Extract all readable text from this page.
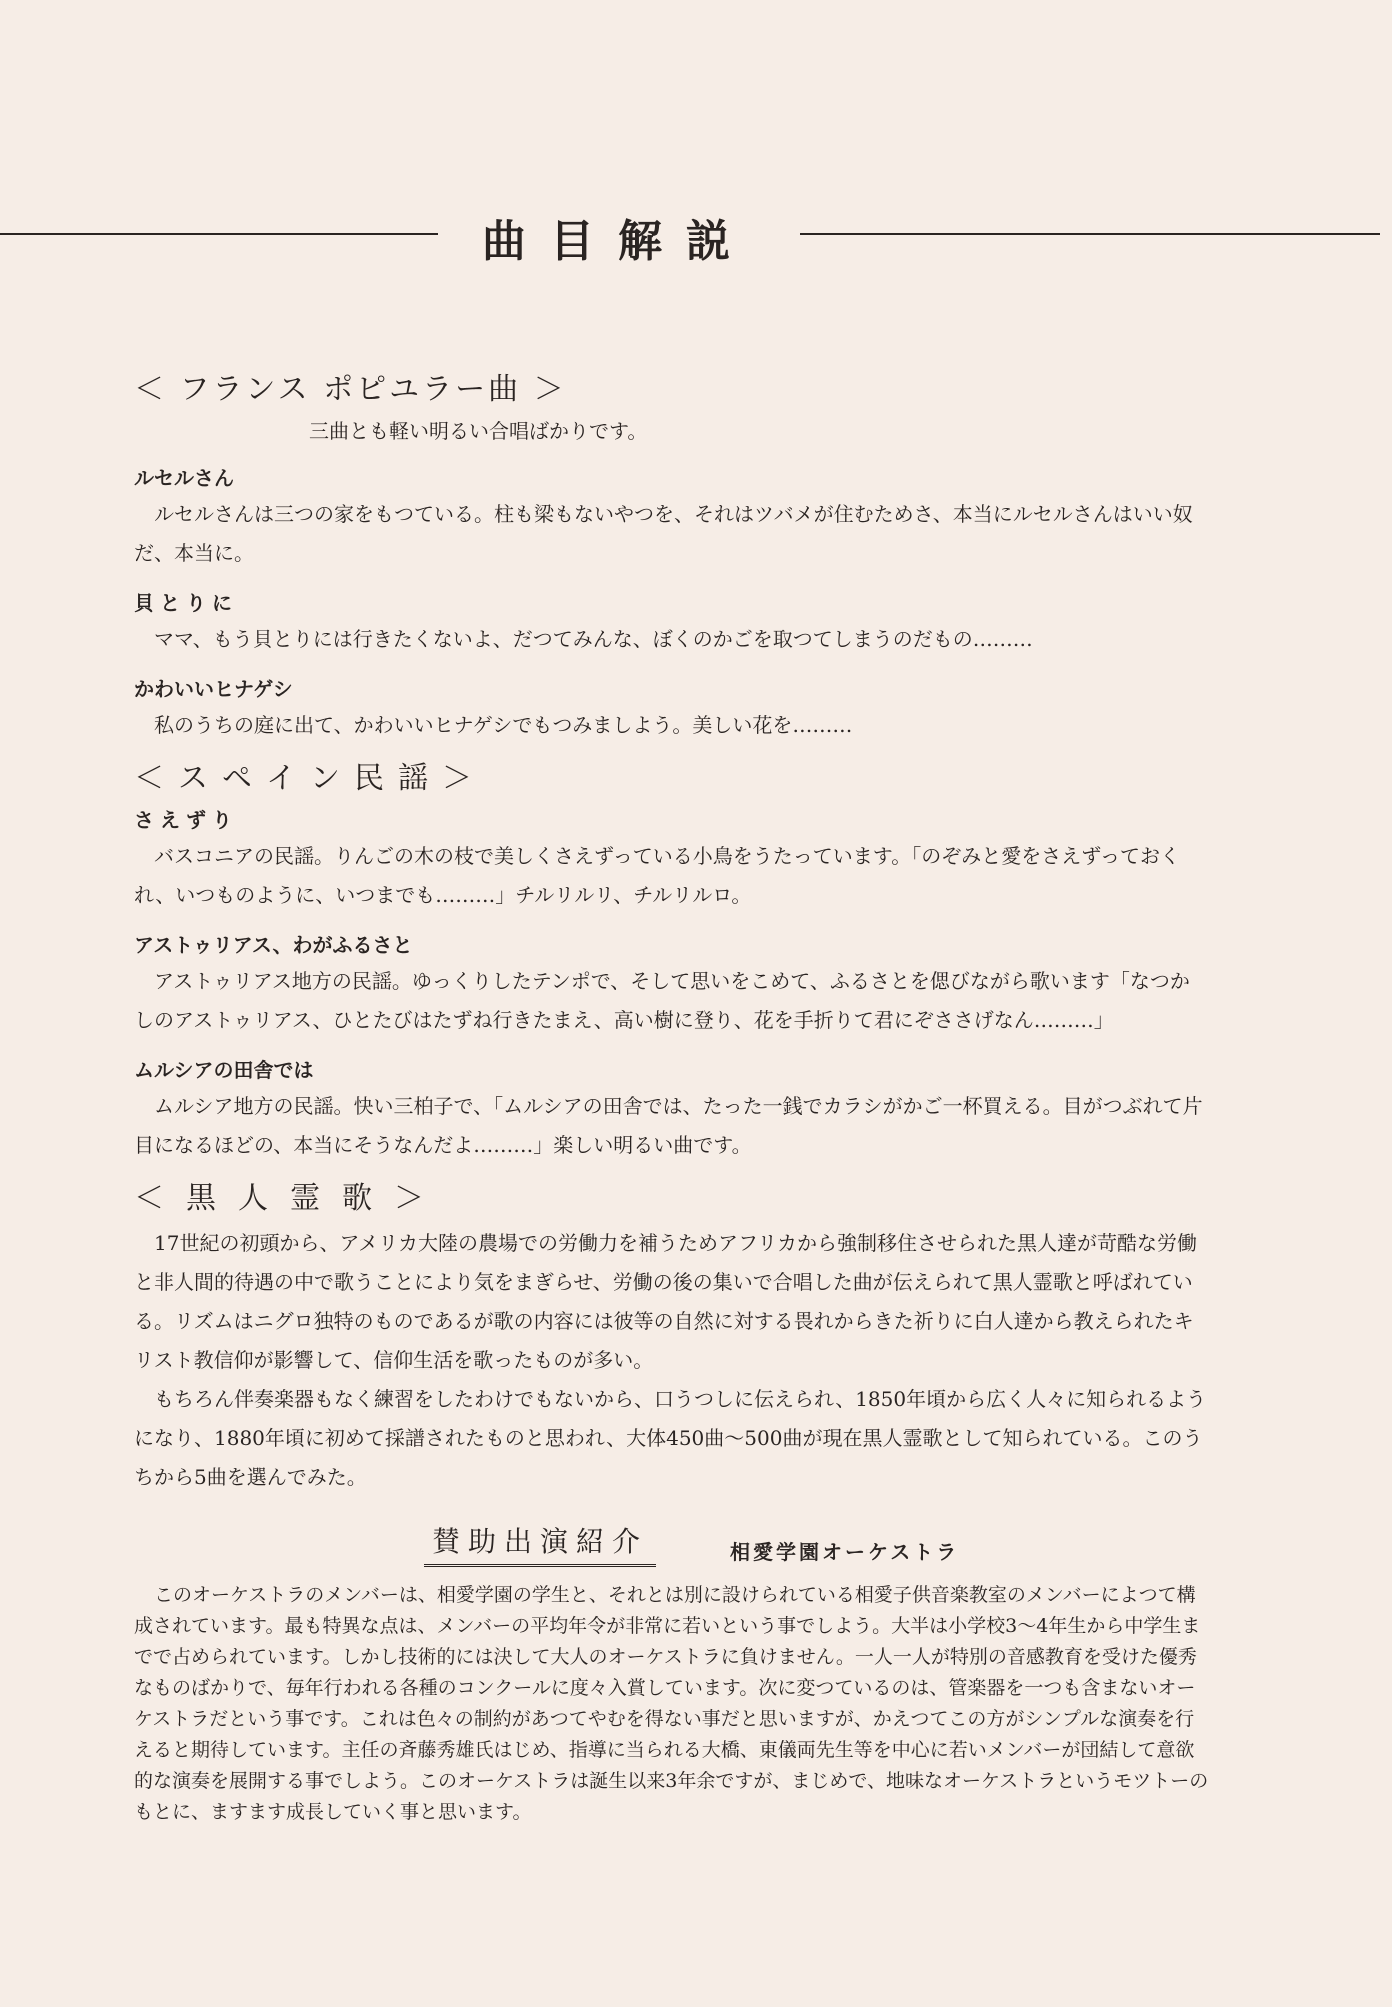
曲目解説
＜ フランス ポピユラー曲 ＞
三曲とも軽い明るい合唱ばかりです。
ルセルさん

ルセルさんは三つの家をもつている。柱も梁もないやつを、それはツバメが住むためさ、本当にルセルさんはいい奴だ、本当に。

貝とりに

ママ、もう貝とりには行きたくないよ、だつてみんな、ぼくのかごを取つてしまうのだもの………

かわいいヒナゲシ

私のうちの庭に出て、かわいいヒナゲシでもつみましよう。美しい花を………

＜スペイン民謡＞
さえずり

バスコニアの民謡。りんごの木の枝で美しくさえずっている小鳥をうたっています。「のぞみと愛をさえずっておくれ、いつものように、いつまでも………」チルリルリ、チルリルロ。

アストゥリアス、わがふるさと

アストゥリアス地方の民謡。ゆっくりしたテンポで、そして思いをこめて、ふるさとを偲びながら歌います「なつかしのアストゥリアス、ひとたびはたずね行きたまえ、高い樹に登り、花を手折りて君にぞささげなん………」

ムルシアの田舎では

ムルシア地方の民謡。快い三柏子で、「ムルシアの田舎では、たった一銭でカラシがかご一杯買える。目がつぶれて片目になるほどの、本当にそうなんだよ………」楽しい明るい曲です。

＜黒人霊歌＞

17世紀の初頭から、アメリカ大陸の農場での労働力を補うためアフリカから強制移住させられた黒人達が苛酷な労働と非人間的待遇の中で歌うことにより気をまぎらせ、労働の後の集いで合唱した曲が伝えられて黒人霊歌と呼ばれている。リズムはニグロ独特のものであるが歌の内容には彼等の自然に対する畏れからきた祈りに白人達から教えられたキリスト教信仰が影響して、信仰生活を歌ったものが多い。

もちろん伴奏楽器もなく練習をしたわけでもないから、口うつしに伝えられ、1850年頃から広く人々に知られるようになり、1880年頃に初めて採譜されたものと思われ、大体450曲〜500曲が現在黒人霊歌として知られている。このうちから5曲を選んでみた。

賛助出演紹介	相愛学園オーケストラ

このオーケストラのメンバーは、相愛学園の学生と、それとは別に設けられている相愛子供音楽教室のメンバーによつて構成されています。最も特異な点は、メンバーの平均年令が非常に若いという事でしよう。大半は小学校3〜4年生から中学生までで占められています。しかし技術的には決して大人のオーケストラに負けません。一人一人が特別の音感教育を受けた優秀なものばかりで、毎年行われる各種のコンクールに度々入賞しています。次に変つているのは、管楽器を一つも含まないオーケストラだという事です。これは色々の制約があつてやむを得ない事だと思いますが、かえつてこの方がシンプルな演奏を行えると期待しています。主任の斉藤秀雄氏はじめ、指導に当られる大橋、東儀両先生等を中心に若いメンバーが団結して意欲的な演奏を展開する事でしよう。このオーケストラは誕生以来3年余ですが、まじめで、地味なオーケストラというモツトーのもとに、ますます成長していく事と思います。
